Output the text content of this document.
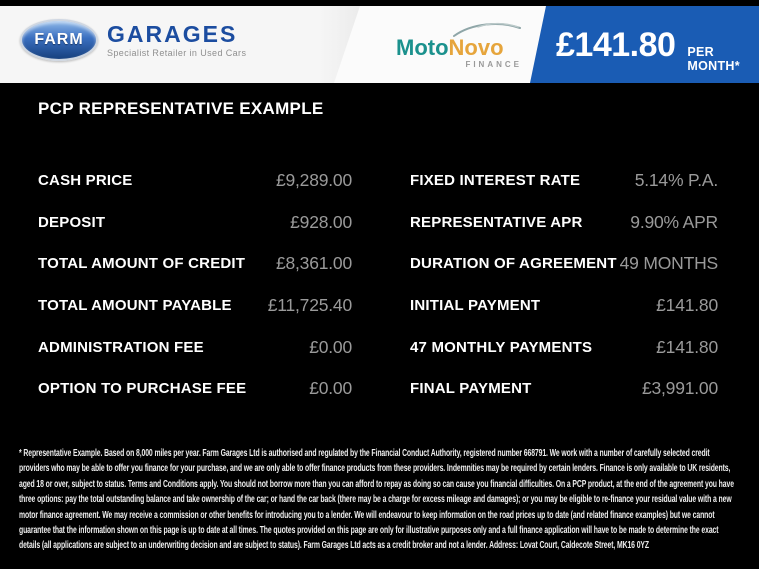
FARM GARAGES
Specialist Retailer in Used Cars	MotoNovo
FINANCE
£141.80 PER MONTH*
PCP REPRESENTATIVE EXAMPLE
CASH PRICE	£9,289.00
DEPOSIT	£928.00
TOTAL AMOUNT OF CREDIT £8,361.00
TOTAL AMOUNT PAYABLE £11,725.40
ADMINISTRATION FEE	£0.00
OPTION TO PURCHASE FEE	£0.00
FIXED INTEREST RATE	5.14% P.A.
REPRESENTATIVE APR	9.90% APR
DURATION OF AGREEMENT 49 MONTHS
INITIAL PAYMENT	£141.80
47 MONTHLY PAYMENTS	£141.80
FINAL PAYMENT	£3,991.00
* Representative Example. Based on 8,000 miles per year. Farm Garages Ltd is authorised and regulated by the Financial Conduct Authority, registered number 668791. We work with a number of carefully selected credit providers who may be able to offer you finance for your purchase, and we are only able to offer finance products from these providers. Indemnities may be required by certain lenders. Finance is only available to UK residents, aged 18 or over, subject to status. Terms and Conditions apply. You should not borrow more than you can afford to repay as doing so can cause you financial difficulties. On a PCP product, at the end of the agreement you have three options: pay the total outstanding balance and take ownership of the car; or hand the car back (there may be a charge for excess mileage and damages); or you may be eligible to re-finance your residual value with a new motor finance agreement. We may receive a commission or other benefits for introducing you to a lender. We will endeavour to keep information on the road prices up to date (and related finance examples) but we cannot guarantee that the information shown on this page is up to date at all times. The quotes provided on this page are only for illustrative purposes only and a full finance application will have to be made to determine the exact details (all applications are subject to an underwriting decision and are subject to status). Farm Garages Ltd acts as a credit broker and not a lender. Address: Lovat Court, Caldecote Street, MK16 0YZ
